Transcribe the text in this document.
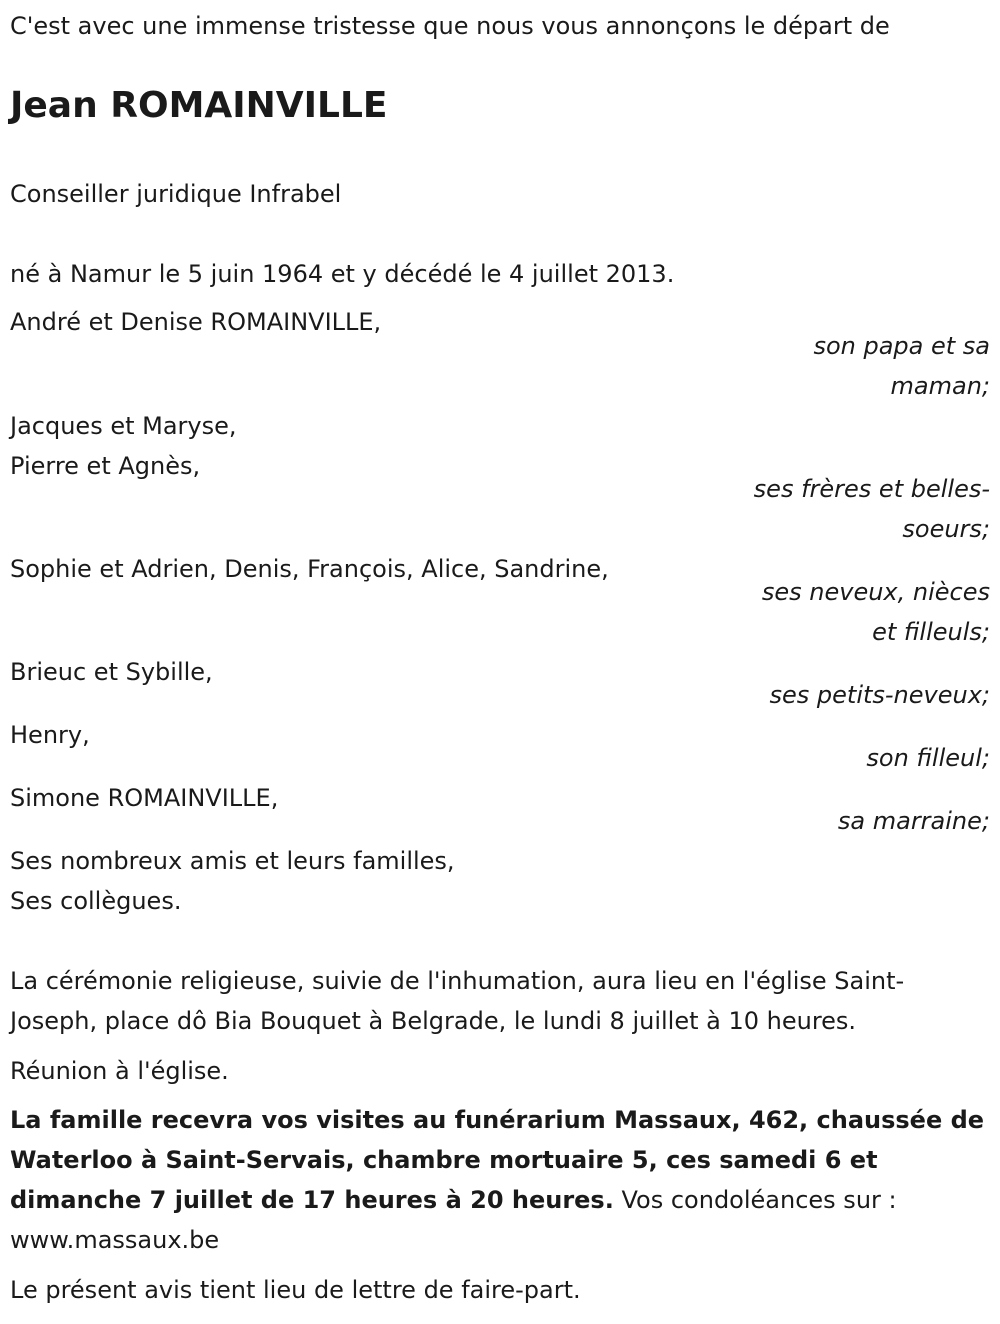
C'est avec une immense tristesse que nous vous annonçons le départ de
Jean ROMAINVILLE
Conseiller juridique Infrabel
né à Namur le 5 juin 1964 et y décédé le 4 juillet 2013.
André et Denise ROMAINVILLE,
son papa et sa
maman;
Jacques et Maryse,
Pierre et Agnès,
ses frères et belles-
soeurs;
Sophie et Adrien, Denis, François, Alice, Sandrine,
ses neveux, nièces
et filleuls;
Brieuc et Sybille,
ses petits-neveux;
Henry,
son filleul;
Simone ROMAINVILLE,
sa marraine;
Ses nombreux amis et leurs familles,
Ses collègues.
La cérémonie religieuse, suivie de l'inhumation, aura lieu en l'église Saint-Joseph, place dô Bia Bouquet à Belgrade, le lundi 8 juillet à 10 heures.
Réunion à l'église.
La famille recevra vos visites au funérarium Massaux, 462, chaussée de Waterloo à Saint-Servais, chambre mortuaire 5, ces samedi 6 et dimanche 7 juillet de 17 heures à 20 heures. Vos condoléances sur : www.massaux.be
Le présent avis tient lieu de lettre de faire-part.
